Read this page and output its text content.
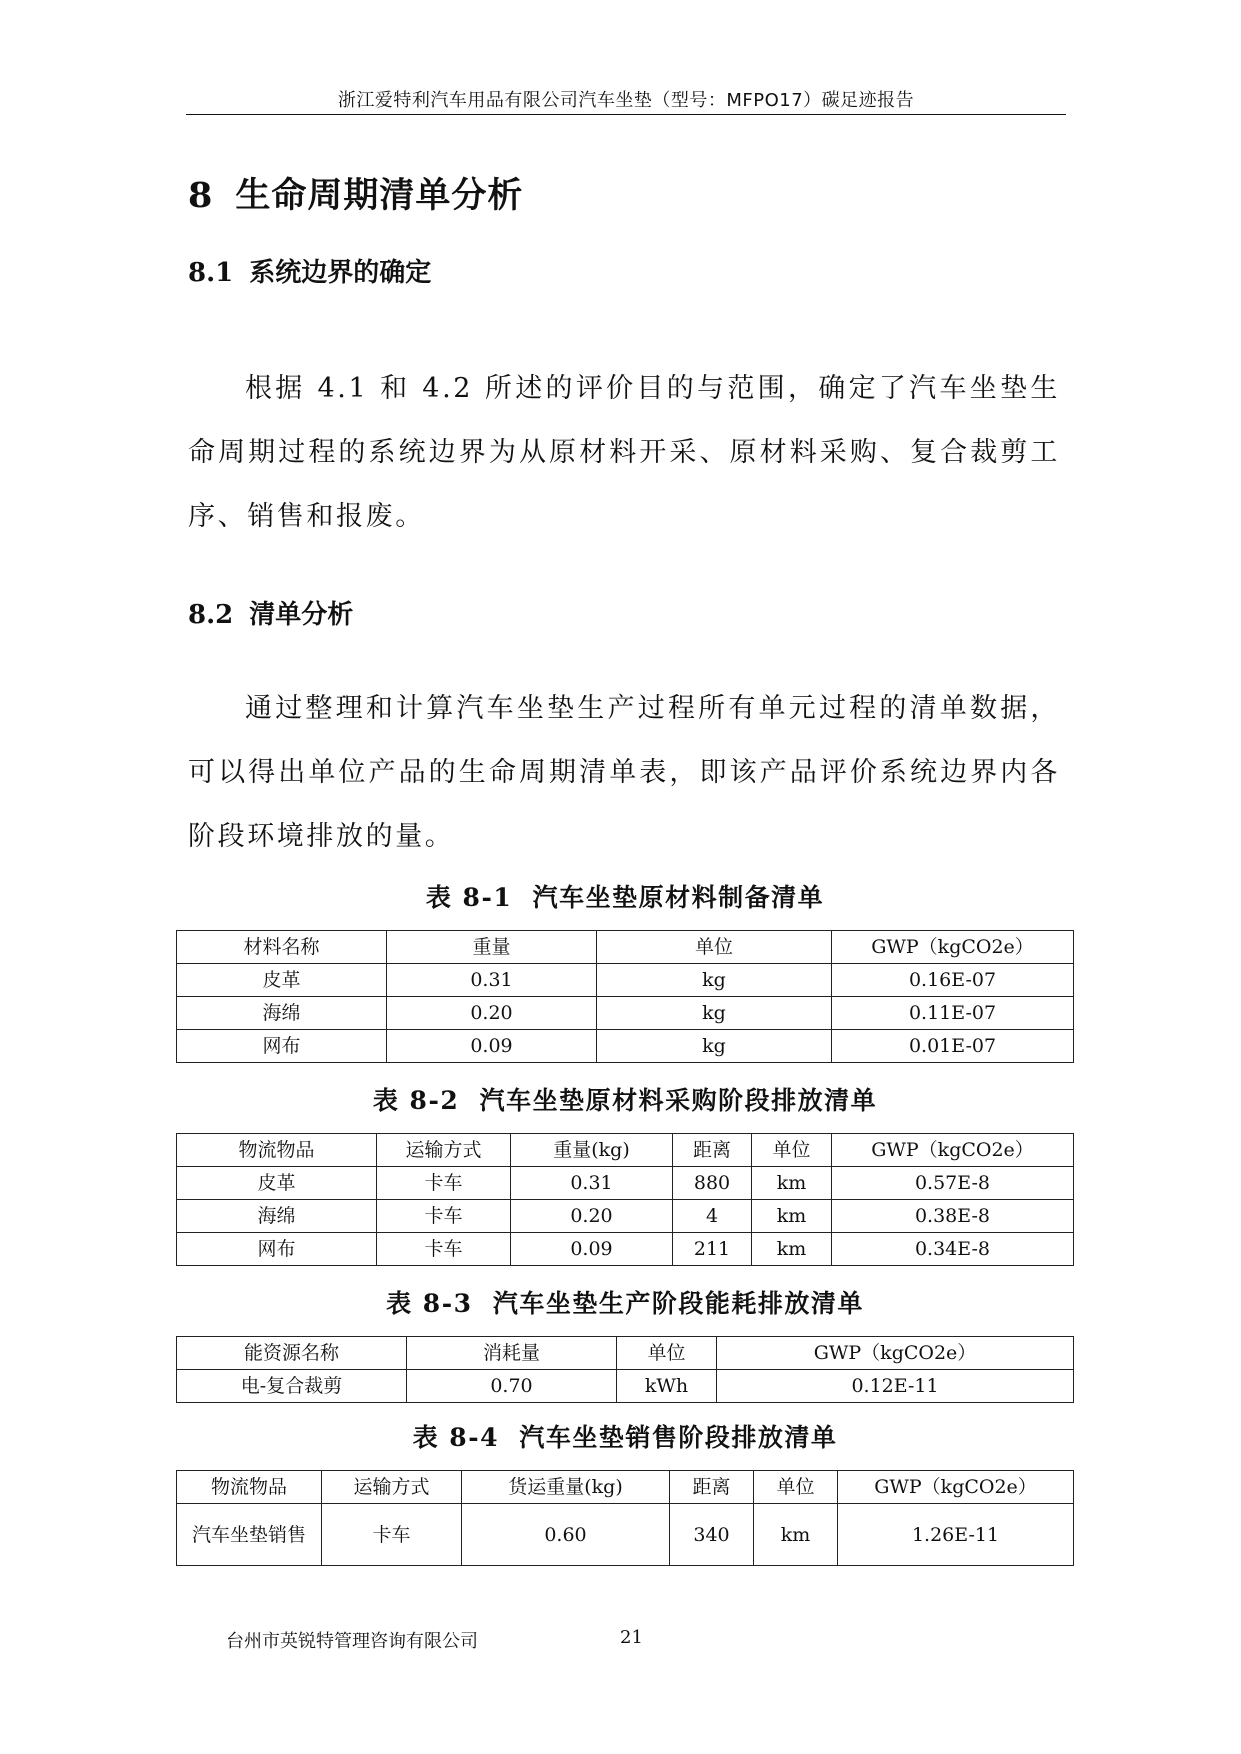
浙江爱特利汽车用品有限公司汽车坐垫（型号：MFPO17）碳足迹报告
8 生命周期清单分析
8.1 系统边界的确定
根据 4.1 和 4.2 所述的评价目的与范围，确定了汽车坐垫生命周期过程的系统边界为从原材料开采、原材料采购、复合裁剪工序、销售和报废。
8.2 清单分析
通过整理和计算汽车坐垫生产过程所有单元过程的清单数据，可以得出单位产品的生命周期清单表，即该产品评价系统边界内各阶段环境排放的量。
表 8-1 汽车坐垫原材料制备清单
材料名称	重量	单位	GWP（kgCO2e）
皮革	0.31	kg	0.16E-07
海绵	0.20	kg	0.11E-07
网布	0.09	kg	0.01E-07
表 8-2 汽车坐垫原材料采购阶段排放清单
物流物品	运输方式	重量(kg)	距离	单位	GWP（kgCO2e）
皮革	卡车	0.31	880	km	0.57E-8
海绵	卡车	0.20	4	km	0.38E-8
网布	卡车	0.09	211	km	0.34E-8
表 8-3 汽车坐垫生产阶段能耗排放清单
能资源名称	消耗量	单位	GWP（kgCO2e）
电-复合裁剪	0.70	kWh	0.12E-11
表 8-4 汽车坐垫销售阶段排放清单
物流物品	运输方式	货运重量(kg)	距离	单位	GWP（kgCO2e）
汽车坐垫销售	卡车	0.60	340	km	1.26E-11
台州市英锐特管理咨询有限公司	21
